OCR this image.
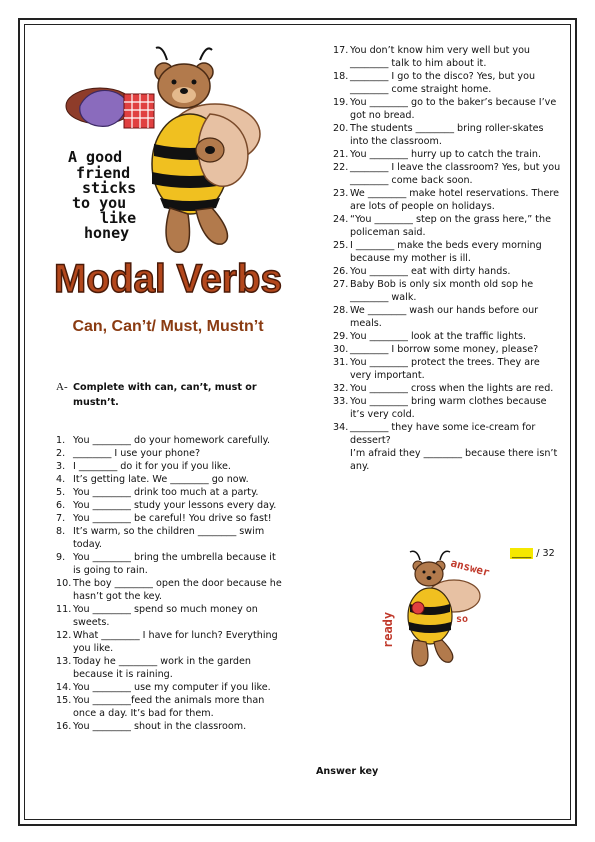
A good
friend
sticks
to you
like
honey
Modal Verbs
Can, Can’t/ Must, Mustn’t
A- Complete with can, can’t, must or mustn’t.
1. You ________ do your homework carefully.
2. ________ I use your phone?
3. I ________ do it for you if you like.
4. It’s getting late. We ________ go now.
5. You ________ drink too much at a party.
6. You ________ study your lessons every day.
7. You ________ be careful! You drive so fast!
8. It’s warm, so the children ________ swim today.
9. You ________ bring the umbrella because it is going to rain.
10. The boy ________ open the door because he hasn’t got the key.
11. You ________ spend so much money on sweets.
12. What ________ I have for lunch? Everything you like.
13. Today he ________ work in the garden because it is raining.
14. You ________ use my computer if you like.
15. You ________feed the animals more than once a day. It’s bad for them.
16. You ________ shout in the classroom.
17. You don’t know him very well but you ________ talk to him about it.
18. ________ I go to the disco? Yes, but you ________ come straight home.
19. You ________ go to the baker’s because I’ve got no bread.
20. The students ________ bring roller-skates into the classroom.
21. You ________ hurry up to catch the train.
22. ________ I leave the classroom? Yes, but you ________ come back soon.
23. We ________ make hotel reservations. There are lots of people on holidays.
24. “You ________ step on the grass here,” the policeman said.
25. I ________ make the beds every morning because my mother is ill.
26. You ________ eat with dirty hands.
27. Baby Bob is only six month old sop he ________ walk.
28. We ________ wash our hands before our meals.
29. You ________ look at the traffic lights.
30. ________ I borrow some money, please?
31. You ________ protect the trees. They are very important.
32. You ________ cross when the lights are red.
33. You ________ bring warm clothes because it’s very cold.
34. ________ they have some ice-cream for dessert?
I’m afraid they ________ because there isn’t any.
____ / 32
ready
answer
so
Answer key
